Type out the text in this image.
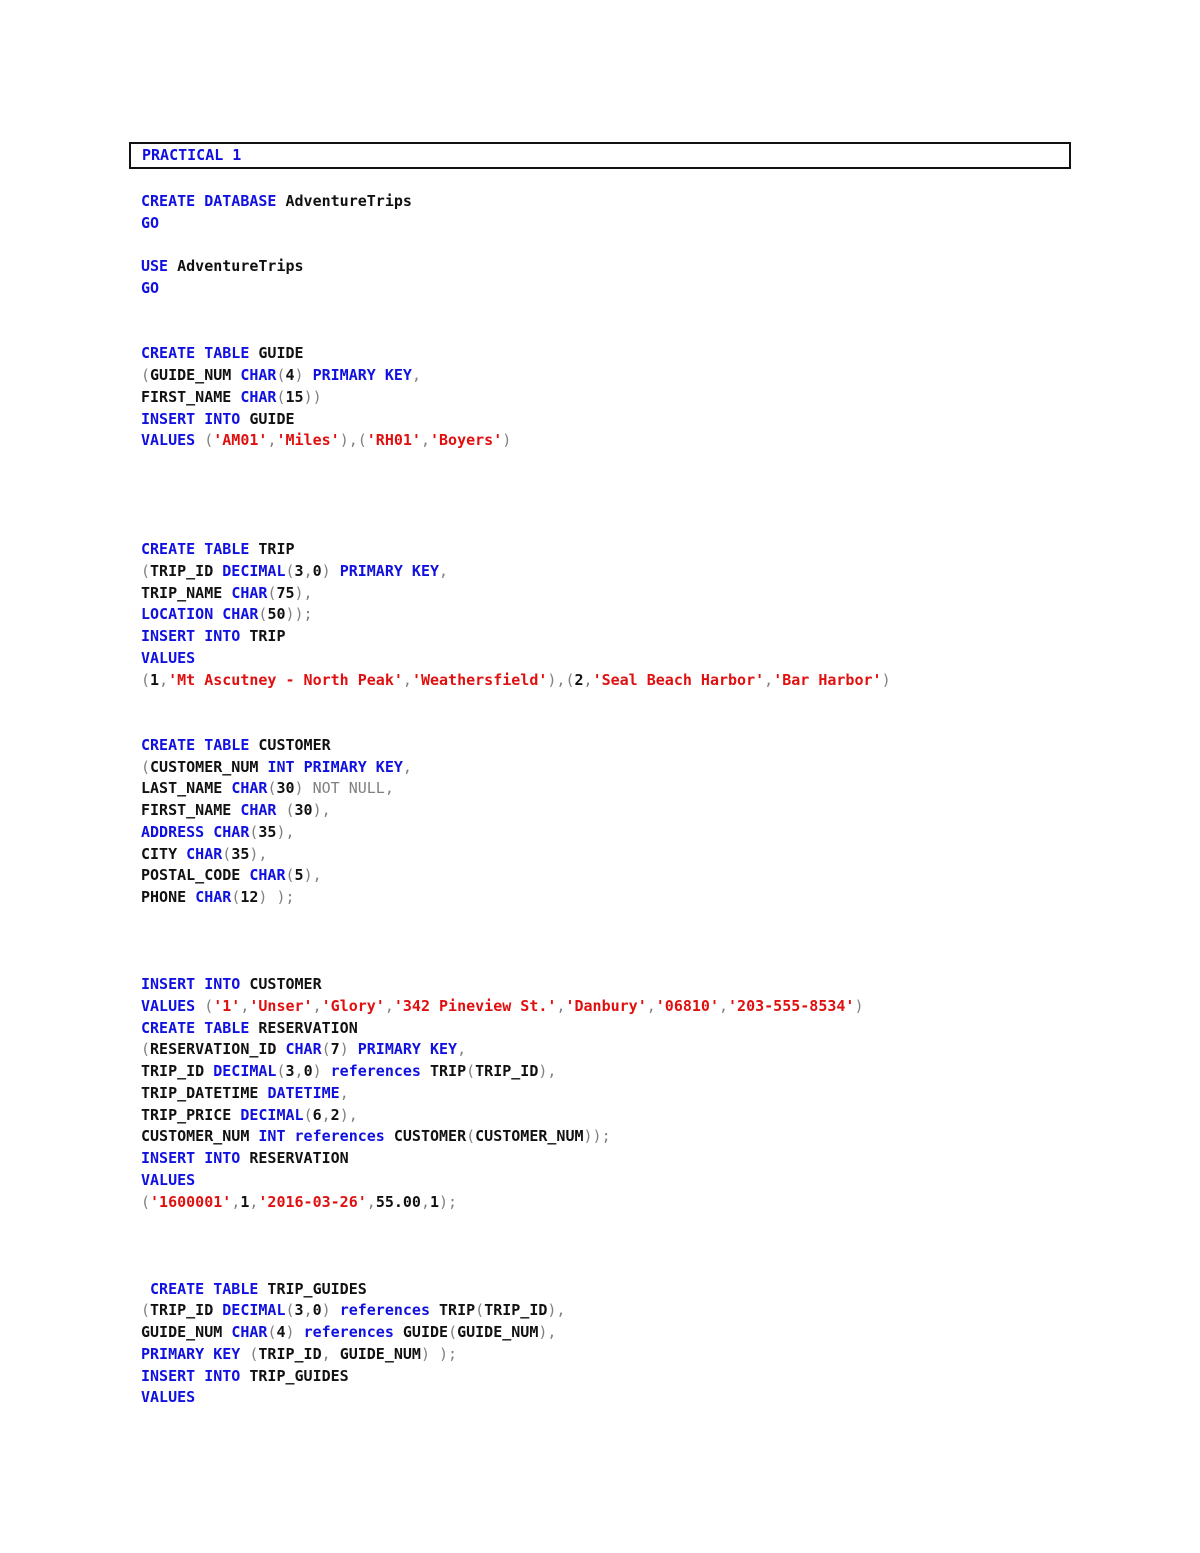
PRACTICAL 1
CREATE DATABASE AdventureTrips
GO
USE AdventureTrips
GO
CREATE TABLE GUIDE
(GUIDE_NUM CHAR(4) PRIMARY KEY,
FIRST_NAME CHAR(15))
INSERT INTO GUIDE
VALUES ('AM01','Miles'),('RH01','Boyers')
CREATE TABLE TRIP
(TRIP_ID DECIMAL(3,0) PRIMARY KEY,
TRIP_NAME CHAR(75),
LOCATION CHAR(50));
INSERT INTO TRIP
VALUES
(1,'Mt Ascutney - North Peak','Weathersfield'),(2,'Seal Beach Harbor','Bar Harbor')
CREATE TABLE CUSTOMER
(CUSTOMER_NUM INT PRIMARY KEY,
LAST_NAME CHAR(30) NOT NULL,
FIRST_NAME CHAR (30),
ADDRESS CHAR(35),
CITY CHAR(35),
POSTAL_CODE CHAR(5),
PHONE CHAR(12) );
INSERT INTO CUSTOMER
VALUES ('1','Unser','Glory','342 Pineview St.','Danbury','06810','203-555-8534')
CREATE TABLE RESERVATION
(RESERVATION_ID CHAR(7) PRIMARY KEY,
TRIP_ID DECIMAL(3,0) references TRIP(TRIP_ID),
TRIP_DATETIME DATETIME,
TRIP_PRICE DECIMAL(6,2),
CUSTOMER_NUM INT references CUSTOMER(CUSTOMER_NUM));
INSERT INTO RESERVATION
VALUES
('1600001',1,'2016-03-26',55.00,1);
CREATE TABLE TRIP_GUIDES
(TRIP_ID DECIMAL(3,0) references TRIP(TRIP_ID),
GUIDE_NUM CHAR(4) references GUIDE(GUIDE_NUM),
PRIMARY KEY (TRIP_ID, GUIDE_NUM) );
INSERT INTO TRIP_GUIDES
VALUES
